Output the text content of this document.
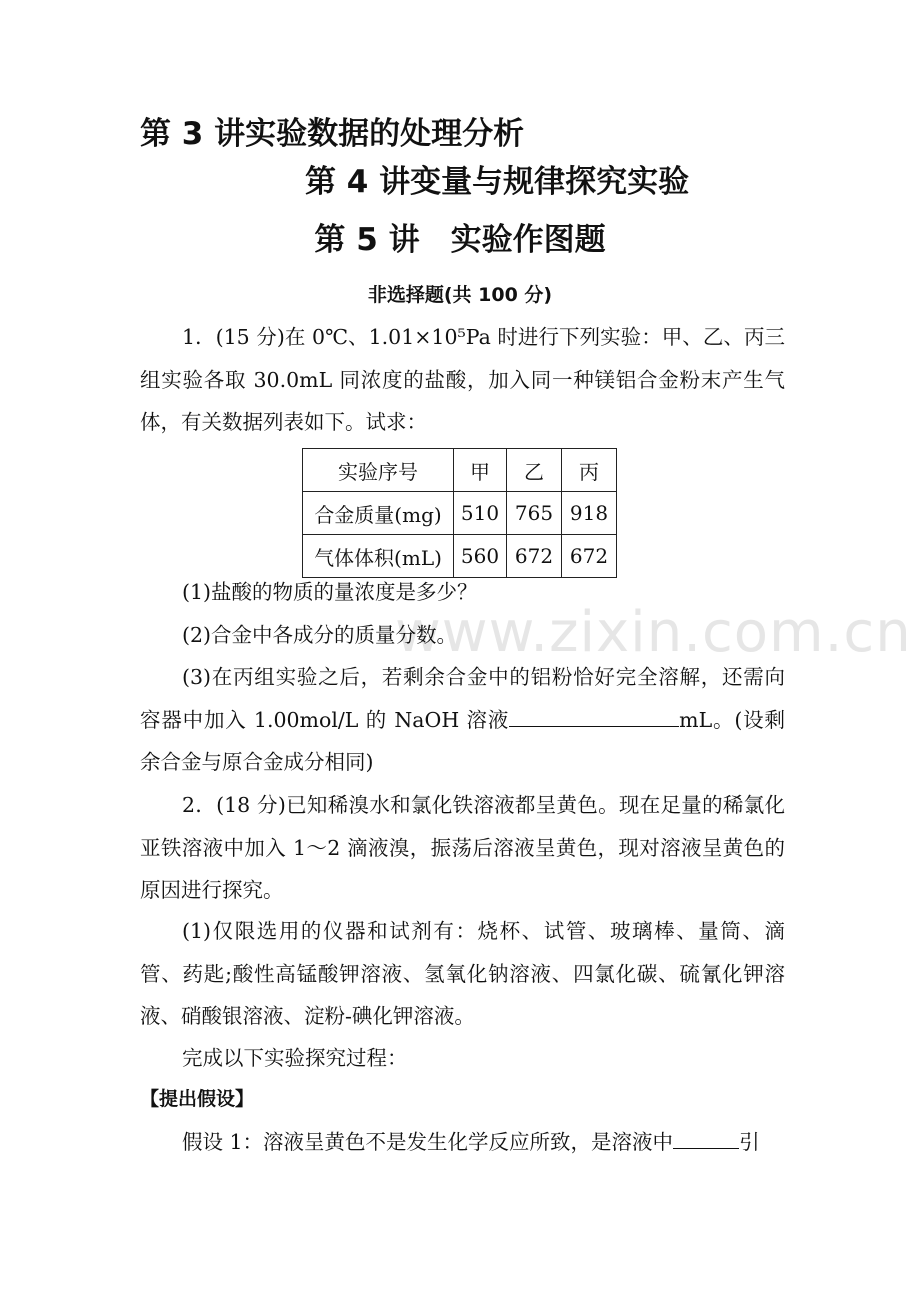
www.zixin.com.cn
第 3 讲实验数据的处理分析
第 4 讲变量与规律探究实验
第 5 讲　实验作图题
非选择题(共 100 分)
1．(15 分)在 0℃、1.01×10⁵Pa 时进行下列实验：甲、乙、丙三组实验各取 30.0mL 同浓度的盐酸，加入同一种镁铝合金粉末产生气体，有关数据列表如下。试求：
实验序号	甲	乙	丙
合金质量(mg)	510	765	918
气体体积(mL)	560	672	672
(1)盐酸的物质的量浓度是多少？
(2)合金中各成分的质量分数。
(3)在丙组实验之后，若剩余合金中的铝粉恰好完全溶解，还需向容器中加入 1.00mol/L 的 NaOH 溶液	mL。(设剩余合金与原合金成分相同)
2．(18 分)已知稀溴水和氯化铁溶液都呈黄色。现在足量的稀氯化亚铁溶液中加入 1～2 滴液溴，振荡后溶液呈黄色，现对溶液呈黄色的原因进行探究。
(1)仅限选用的仪器和试剂有：烧杯、试管、玻璃棒、量筒、滴管、药匙;酸性高锰酸钾溶液、氢氧化钠溶液、四氯化碳、硫氰化钾溶液、硝酸银溶液、淀粉-碘化钾溶液。
完成以下实验探究过程：
【提出假设】
假设 1：溶液呈黄色不是发生化学反应所致，是溶液中	引
